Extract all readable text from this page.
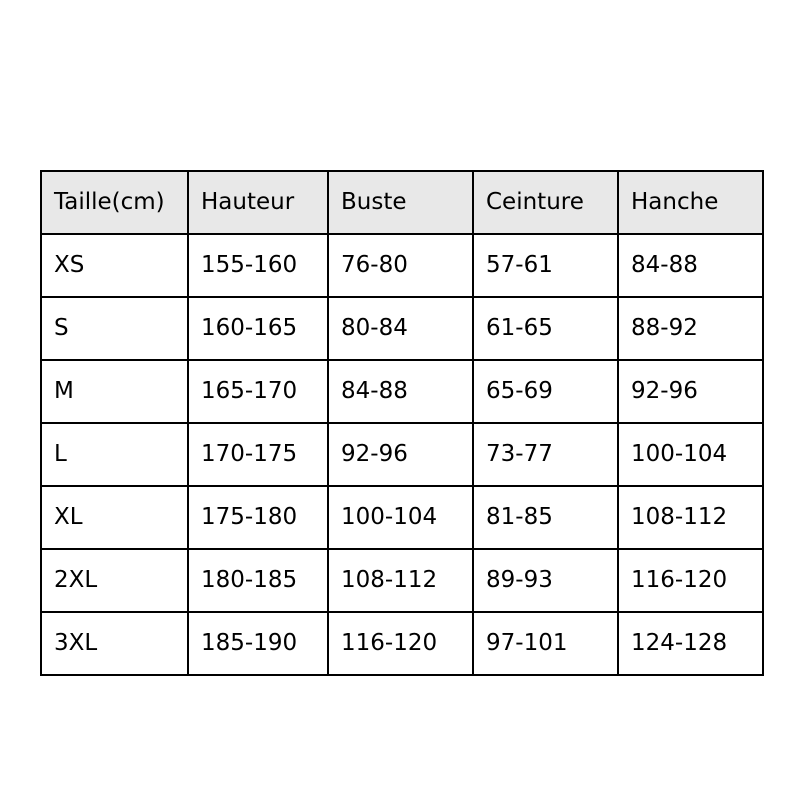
Taille(cm)	Hauteur	Buste	Ceinture	Hanche
XS	155-160	76-80	57-61	84-88
S	160-165	80-84	61-65	88-92
M	165-170	84-88	65-69	92-96
L	170-175	92-96	73-77	100-104
XL	175-180	100-104	81-85	108-112
2XL	180-185	108-112	89-93	116-120
3XL	185-190	116-120	97-101	124-128
